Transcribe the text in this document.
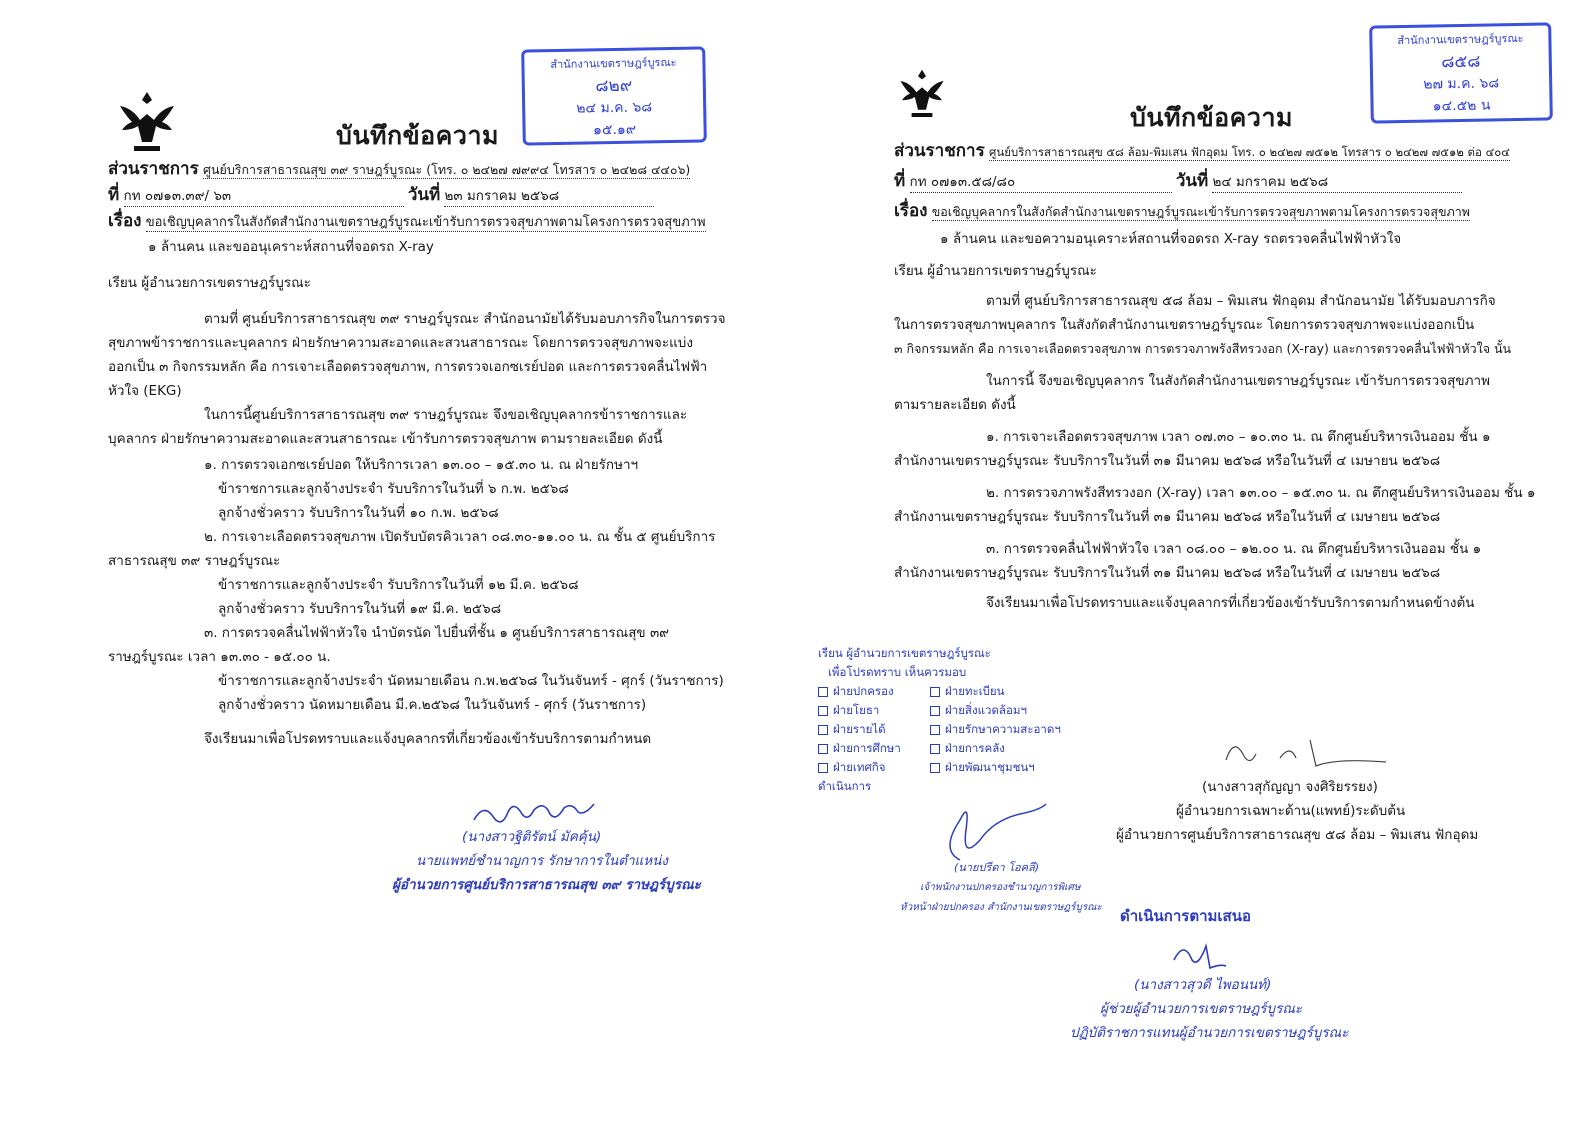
สำนักงานเขตราษฎร์บูรณะ
๘๒๙
๒๔ ม.ค. ๖๘
๑๕.๑๙
บันทึกข้อความ
ส่วนราชการ ศูนย์บริการสาธารณสุข ๓๙ ราษฎร์บูรณะ (โทร. ๐ ๒๔๒๗ ๗๙๙๔ โทรสาร ๐ ๒๔๒๘ ๔๔๐๖)
ที่ กท ๐๗๑๓.๓๙/ ๖๓	วันที่ ๒๓ มกราคม ๒๕๖๘
เรื่อง ขอเชิญบุคลากรในสังกัดสำนักงานเขตราษฎร์บูรณะเข้ารับการตรวจสุขภาพตามโครงการตรวจสุขภาพ
๑ ล้านคน และขออนุเคราะห์สถานที่จอดรถ X-ray
เรียน ผู้อำนวยการเขตราษฎร์บูรณะ
ตามที่ ศูนย์บริการสาธารณสุข ๓๙ ราษฎร์บูรณะ สำนักอนามัยได้รับมอบภารกิจในการตรวจ
สุขภาพข้าราชการและบุคลากร ฝ่ายรักษาความสะอาดและสวนสาธารณะ โดยการตรวจสุขภาพจะแบ่ง
ออกเป็น ๓ กิจกรรมหลัก คือ การเจาะเลือดตรวจสุขภาพ, การตรวจเอกซเรย์ปอด และการตรวจคลื่นไฟฟ้า
หัวใจ (EKG)
ในการนี้ศูนย์บริการสาธารณสุข ๓๙ ราษฎร์บูรณะ จึงขอเชิญบุคลากรข้าราชการและ
บุคลากร ฝ่ายรักษาความสะอาดและสวนสาธารณะ เข้ารับการตรวจสุขภาพ ตามรายละเอียด ดังนี้
๑. การตรวจเอกซเรย์ปอด ให้บริการเวลา ๑๓.๐๐ – ๑๕.๓๐ น. ณ ฝ่ายรักษาฯ
ข้าราชการและลูกจ้างประจำ รับบริการในวันที่ ๖ ก.พ. ๒๕๖๘
ลูกจ้างชั่วคราว รับบริการในวันที่ ๑๐ ก.พ. ๒๕๖๘
๒. การเจาะเลือดตรวจสุขภาพ เปิดรับบัตรคิวเวลา ๐๘.๓๐-๑๑.๐๐ น. ณ ชั้น ๕ ศูนย์บริการ
สาธารณสุข ๓๙ ราษฎร์บูรณะ
ข้าราชการและลูกจ้างประจำ รับบริการในวันที่ ๑๒ มี.ค. ๒๕๖๘
ลูกจ้างชั่วคราว รับบริการในวันที่ ๑๙ มี.ค. ๒๕๖๘
๓. การตรวจคลื่นไฟฟ้าหัวใจ นำบัตรนัด ไปยื่นที่ชั้น ๑ ศูนย์บริการสาธารณสุข ๓๙
ราษฎร์บูรณะ เวลา ๑๓.๓๐ - ๑๕.๐๐ น.
ข้าราชการและลูกจ้างประจำ นัดหมายเดือน ก.พ.๒๕๖๘ ในวันจันทร์ - ศุกร์ (วันราชการ)
ลูกจ้างชั่วคราว นัดหมายเดือน มี.ค.๒๕๖๘ ในวันจันทร์ - ศุกร์ (วันราชการ)
จึงเรียนมาเพื่อโปรดทราบและแจ้งบุคลากรที่เกี่ยวข้องเข้ารับบริการตามกำหนด
(นางสาวฐิติรัตน์ มัคคุ้น)
นายแพทย์ชำนาญการ รักษาการในตำแหน่ง
ผู้อำนวยการศูนย์บริการสาธารณสุข ๓๙ ราษฎร์บูรณะ
สำนักงานเขตราษฎร์บูรณะ
๘๕๘
๒๗ ม.ค. ๖๘
๑๔.๕๒ น
บันทึกข้อความ
ส่วนราชการ ศูนย์บริการสาธารณสุข ๕๘ ล้อม-พิมเสน ฟักอุดม โทร. ๐ ๒๔๒๗ ๗๕๑๒ โทรสาร ๐ ๒๔๒๗ ๗๕๑๒ ต่อ ๔๐๔
ที่ กท ๐๗๑๓.๕๘/๘๐	วันที่ ๒๔ มกราคม ๒๕๖๘
เรื่อง ขอเชิญบุคลากรในสังกัดสำนักงานเขตราษฎร์บูรณะเข้ารับการตรวจสุขภาพตามโครงการตรวจสุขภาพ
๑ ล้านคน และขอความอนุเคราะห์สถานที่จอดรถ X-ray รถตรวจคลื่นไฟฟ้าหัวใจ
เรียน ผู้อำนวยการเขตราษฎร์บูรณะ
ตามที่ ศูนย์บริการสาธารณสุข ๕๘ ล้อม – พิมเสน ฟักอุดม สำนักอนามัย ได้รับมอบภารกิจ
ในการตรวจสุขภาพบุคลากร ในสังกัดสำนักงานเขตราษฎร์บูรณะ โดยการตรวจสุขภาพจะแบ่งออกเป็น
๓ กิจกรรมหลัก คือ การเจาะเลือดตรวจสุขภาพ การตรวจภาพรังสีทรวงอก (X-ray) และการตรวจคลื่นไฟฟ้าหัวใจ นั้น
ในการนี้ จึงขอเชิญบุคลากร ในสังกัดสำนักงานเขตราษฎร์บูรณะ เข้ารับการตรวจสุขภาพ
ตามรายละเอียด ดังนี้
๑. การเจาะเลือดตรวจสุขภาพ เวลา ๐๗.๓๐ – ๑๐.๓๐ น. ณ ตึกศูนย์บริหารเงินออม ชั้น ๑
สำนักงานเขตราษฎร์บูรณะ รับบริการในวันที่ ๓๑ มีนาคม ๒๕๖๘ หรือในวันที่ ๔ เมษายน ๒๕๖๘
๒. การตรวจภาพรังสีทรวงอก (X-ray) เวลา ๑๓.๐๐ – ๑๕.๓๐ น. ณ ตึกศูนย์บริหารเงินออม ชั้น ๑
สำนักงานเขตราษฎร์บูรณะ รับบริการในวันที่ ๓๑ มีนาคม ๒๕๖๘ หรือในวันที่ ๔ เมษายน ๒๕๖๘
๓. การตรวจคลื่นไฟฟ้าหัวใจ เวลา ๐๘.๐๐ – ๑๒.๐๐ น. ณ ตึกศูนย์บริหารเงินออม ชั้น ๑
สำนักงานเขตราษฎร์บูรณะ รับบริการในวันที่ ๓๑ มีนาคม ๒๕๖๘ หรือในวันที่ ๔ เมษายน ๒๕๖๘
จึงเรียนมาเพื่อโปรดทราบและแจ้งบุคลากรที่เกี่ยวข้องเข้ารับบริการตามกำหนดข้างต้น
เรียน ผู้อำนวยการเขตราษฎร์บูรณะ
เพื่อโปรดทราบ เห็นควรมอบ
ฝ่ายปกครอง	ฝ่ายทะเบียน
ฝ่ายโยธา	ฝ่ายสิ่งแวดล้อมฯ
ฝ่ายรายได้	ฝ่ายรักษาความสะอาดฯ
ฝ่ายการศึกษา	ฝ่ายการคลัง
ฝ่ายเทศกิจ	ฝ่ายพัฒนาชุมชนฯ
ดำเนินการ
(นายปรีดา โอคลี)
เจ้าพนักงานปกครองชำนาญการพิเศษ
หัวหน้าฝ่ายปกครอง สำนักงานเขตราษฎร์บูรณะ
(นางสาวสุกัญญา จงศิริยรรยง)
ผู้อำนวยการเฉพาะด้าน(แพทย์)ระดับต้น
ผู้อำนวยการศูนย์บริการสาธารณสุข ๕๘ ล้อม – พิมเสน ฟักอุดม
ดำเนินการตามเสนอ
(นางสาวสุวดี ไพอนนท์)
ผู้ช่วยผู้อำนวยการเขตราษฎร์บูรณะ
ปฏิบัติราชการแทนผู้อำนวยการเขตราษฎร์บูรณะ
